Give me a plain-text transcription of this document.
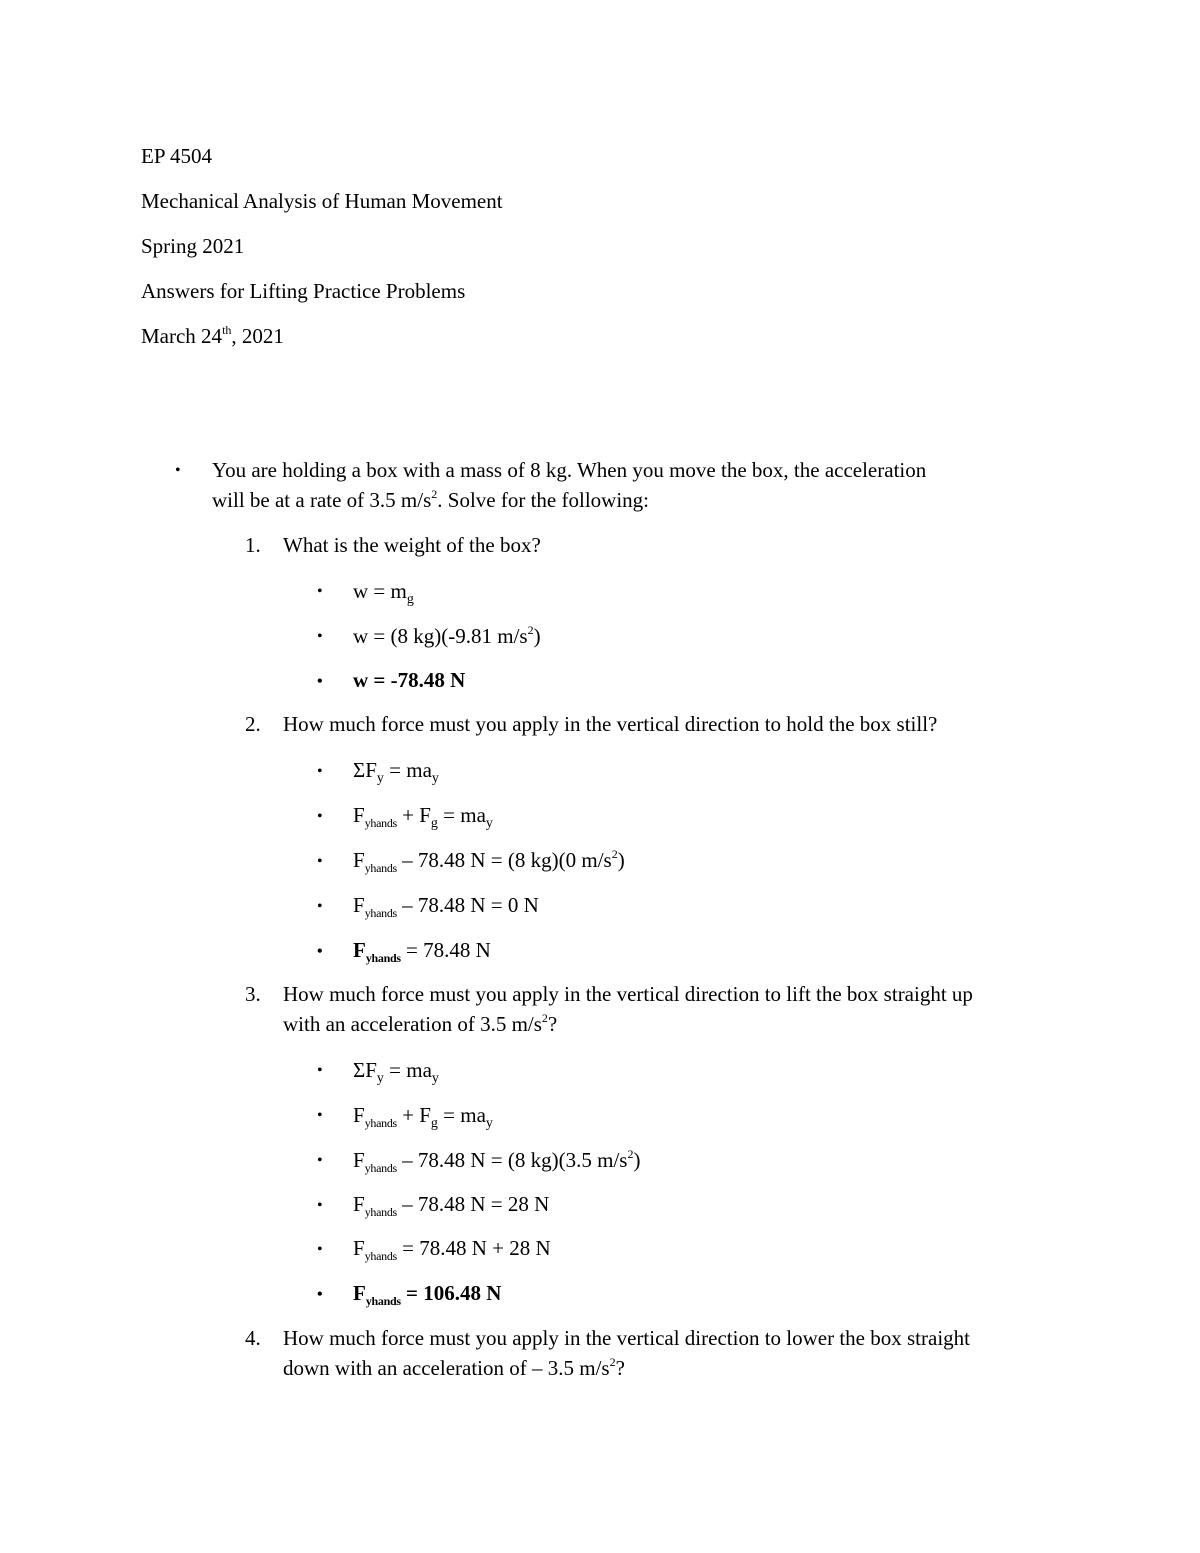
EP 4504
Mechanical Analysis of Human Movement
Spring 2021
Answers for Lifting Practice Problems
March 24th, 2021
• You are holding a box with a mass of 8 kg. When you move the box, the acceleration
will be at a rate of 3.5 $m/s^2$. Solve for the following:
1. What is the weight of the box?
• $w = m_g$
• w = (8 kg)(-9.81 $m/s^2$)
• w = -78.48 N
2. How much force must you apply in the vertical direction to hold the box still?
• $\Sigma F_y = ma_y$
• $F_{yhands} + F_g = ma_y$
• $F_{yhands} - 78.48$ N = (8 kg)(0 $m/s^2$)
• $F_{yhands} - 78.48$ N = 0 N
• $F_{yhands} = 78.48$ N
3. How much force must you apply in the vertical direction to lift the box straight up
with an acceleration of 3.5 $m/s^2$?
• $\Sigma F_y = ma_y$
• $F_{yhands} + F_g = ma_y$
• $F_{yhands} - 78.48$ N = (8 kg)(3.5 $m/s^2$)
• $F_{yhands} - 78.48$ N = 28 N
• $F_{yhands} = 78.48$ N + 28 N
• $F_{yhands} = 106.48$ N
4. How much force must you apply in the vertical direction to lower the box straight
down with an acceleration of – 3.5 $m/s^2$?
